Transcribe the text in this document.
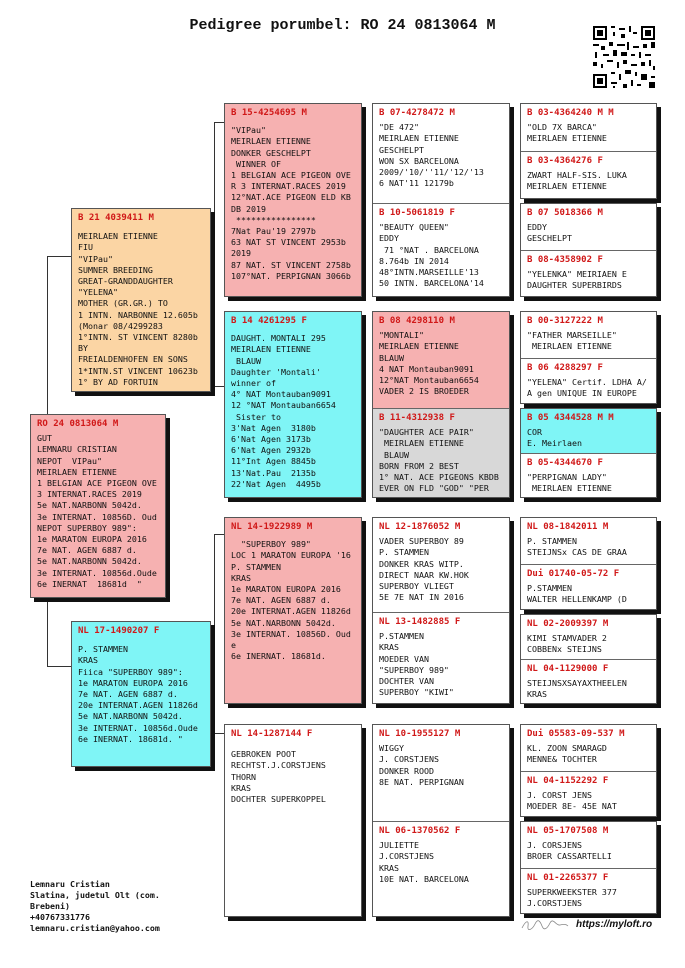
Pedigree porumbel: RO 24 0813064 M
RO 24 0813064 M
GUT
LEMNARU CRISTIAN
NEPOT  VIPau"
MEIRLAEN ETIENNE
1 BELGIAN ACE PIGEON OVE
3 INTERNAT.RACES 2019
5e NAT.NARBONN 5042d.
3e INTERNAT. 10856D. Oud
NEPOT SUPERBOY 989":
1e MARATON EUROPA 2016
7e NAT. AGEN 6887 d.
5e NAT.NARBONN 5042d.
3e INTERNAT. 10856d.Oude
6e INERNAT  18681d  "
B 21 4039411 M
MEIRLAEN ETIENNE
FIU
"VIPau"
SUMNER BREEDING
GREAT-GRANDDAUGHTER
"YELENA"
MOTHER (GR.GR.) TO
1 INTN. NARBONNE 12.605b
(Monar 08/4299283
1°INTN. ST VINCENT 8280b
BY
FREIALDENHOFEN EN SONS
1*INTN.ST VINCENT 10623b
1° BY AD FORTUIN
NL 17-1490207 F
P. STAMMEN
KRAS
Fiica "SUPERBOY 989":
1e MARATON EUROPA 2016
7e NAT. AGEN 6887 d.
20e INTERNAT.AGEN 11826d
5e NAT.NARBONN 5042d.
3e INTERNAT. 10856d.Oude
6e INERNAT. 18681d. "
B 15-4254695 M
"VIPau"
MEIRLAEN ETIENNE
DONKER GESCHELPT
WINNER OF
1 BELGIAN ACE PIGEON OVE
R 3 INTERNAT.RACES 2019
12°NAT.ACE PIGEON ELD KB
DB 2019
****************
7Nat Pau'19 2797b
63 NAT ST VINCENT 2953b
2019
87 NAT. ST VINCENT 2758b
107°NAT. PERPIGNAN 3066b
B 14 4261295 F
DAUGHT. MONTALI 295
MEIRLAEN ETIENNE
BLAUW
Daughter 'Montali'
winner of
4° NAT Montauban9091
12 °NAT Montauban6654
Sister to
3'Nat Agen  3180b
6'Nat Agen 3173b
6'Nat Agen 2932b
11°Int Agen 8845b
13'Nat.Pau  2135b
22'Nat Agen  4495b
NL 14-1922989 M
"SUPERBOY 989"
LOC 1 MARATON EUROPA '16
P. STAMMEN
KRAS
1e MARATON EUROPA 2016
7e NAT. AGEN 6887 d.
20e INTERNAT.AGEN 11826d
5e NAT.NARBONN 5042d.
3e INTERNAT. 10856D. Oud
e
6e INERNAT. 18681d.
NL 14-1287144 F
GEBROKEN POOT
RECHTST.J.CORSTJENS
THORN
KRAS
DOCHTER SUPERKOPPEL
B 07-4278472 M
"DE 472"
MEIRLAEN ETIENNE
GESCHELPT
WON SX BARCELONA
2009/'10/''11/'12/'13
6 NAT'11 12179b
B 10-5061819 F
"BEAUTY QUEEN"
EDDY
71 °NAT . BARCELONA
8.764b IN 2014
48°INTN.MARSEILLE'13
50 INTN. BARCELONA'14
B 08 4298110 M
"MONTALI"
MEIRLAEN ETIENNE
BLAUW
4 NAT Montauban9091
12°NAT Montauban6654
VADER 2 IS BROEDER
B 11-4312938 F
"DAUGHTER ACE PAIR"
MEIRLAEN ETIENNE
BLAUW
BORN FROM 2 BEST
1° NAT. ACE PIGEONS KBDB
EVER ON FLD "GOD" "PER
NL 12-1876052 M
VADER SUPERBOY 89
P. STAMMEN
DONKER KRAS WITP.
DIRECT NAAR KW.HOK
SUPERBOY VLIEGT
5E 7E NAT IN 2016
NL 13-1482885 F
P.STAMMEN
KRAS
MOEDER VAN
"SUPERBOY 989"
DOCHTER VAN
SUPERBOY "KIWI"
NL 10-1955127 M
WIGGY
J. CORSTJENS
DONKER ROOD
8E NAT. PERPIGNAN
NL 06-1370562 F
JULIETTE
J.CORSTJENS
KRAS
10E NAT. BARCELONA
B 03-4364240 M M
"OLD 7X BARCA"
MEIRLAEN ETIENNE
B 03-4364276 F
ZWART HALF-SIS. LUKA
MEIRLAEN ETIENNE
B 07 5018366 M
EDDY
GESCHELPT
B 08-4358902 F
"YELENKA" MEIRIAEN E
DAUGHTER SUPERBIRDS
B 00-3127222 M
"FATHER MARSEILLE"
MEIRLAEN ETIENNE
B 06 4288297 F
"YELENA" Certif. LDHA A/
A gen UNIQUE IN EUROPE
B 05 4344528 M M
COR
E. Meirlaen
B 05-4344670 F
"PERPIGNAN LADY"
MEIRLAEN ETIENNE
NL 08-1842011 M
P. STAMMEN
STEIJNSx CAS DE GRAA
Dui 01740-05-72 F
P.STAMMEN
WALTER HELLENKAMP (D
NL 02-2009397 M
KIMI STAMVADER 2
COBBENx STEIJNS
NL 04-1129000 F
STEIJNSXSAYAXTHEELEN
KRAS
Dui 05583-09-537 M
KL. ZOON SMARAGD
MENNE& TOCHTER
NL 04-1152292 F
J. CORST JENS
MOEDER 8E- 45E NAT
NL 05-1707508 M
J. CORSJENS
BROER CASSARTELLI
NL 01-2265377 F
SUPERKWEEKSTER 377
J.CORSTJENS
Lemnaru Cristian
Slatina, judetul Olt (com.
Brebeni)
+40767331776
lemnaru.cristian@yahoo.com	https://myloft.ro
